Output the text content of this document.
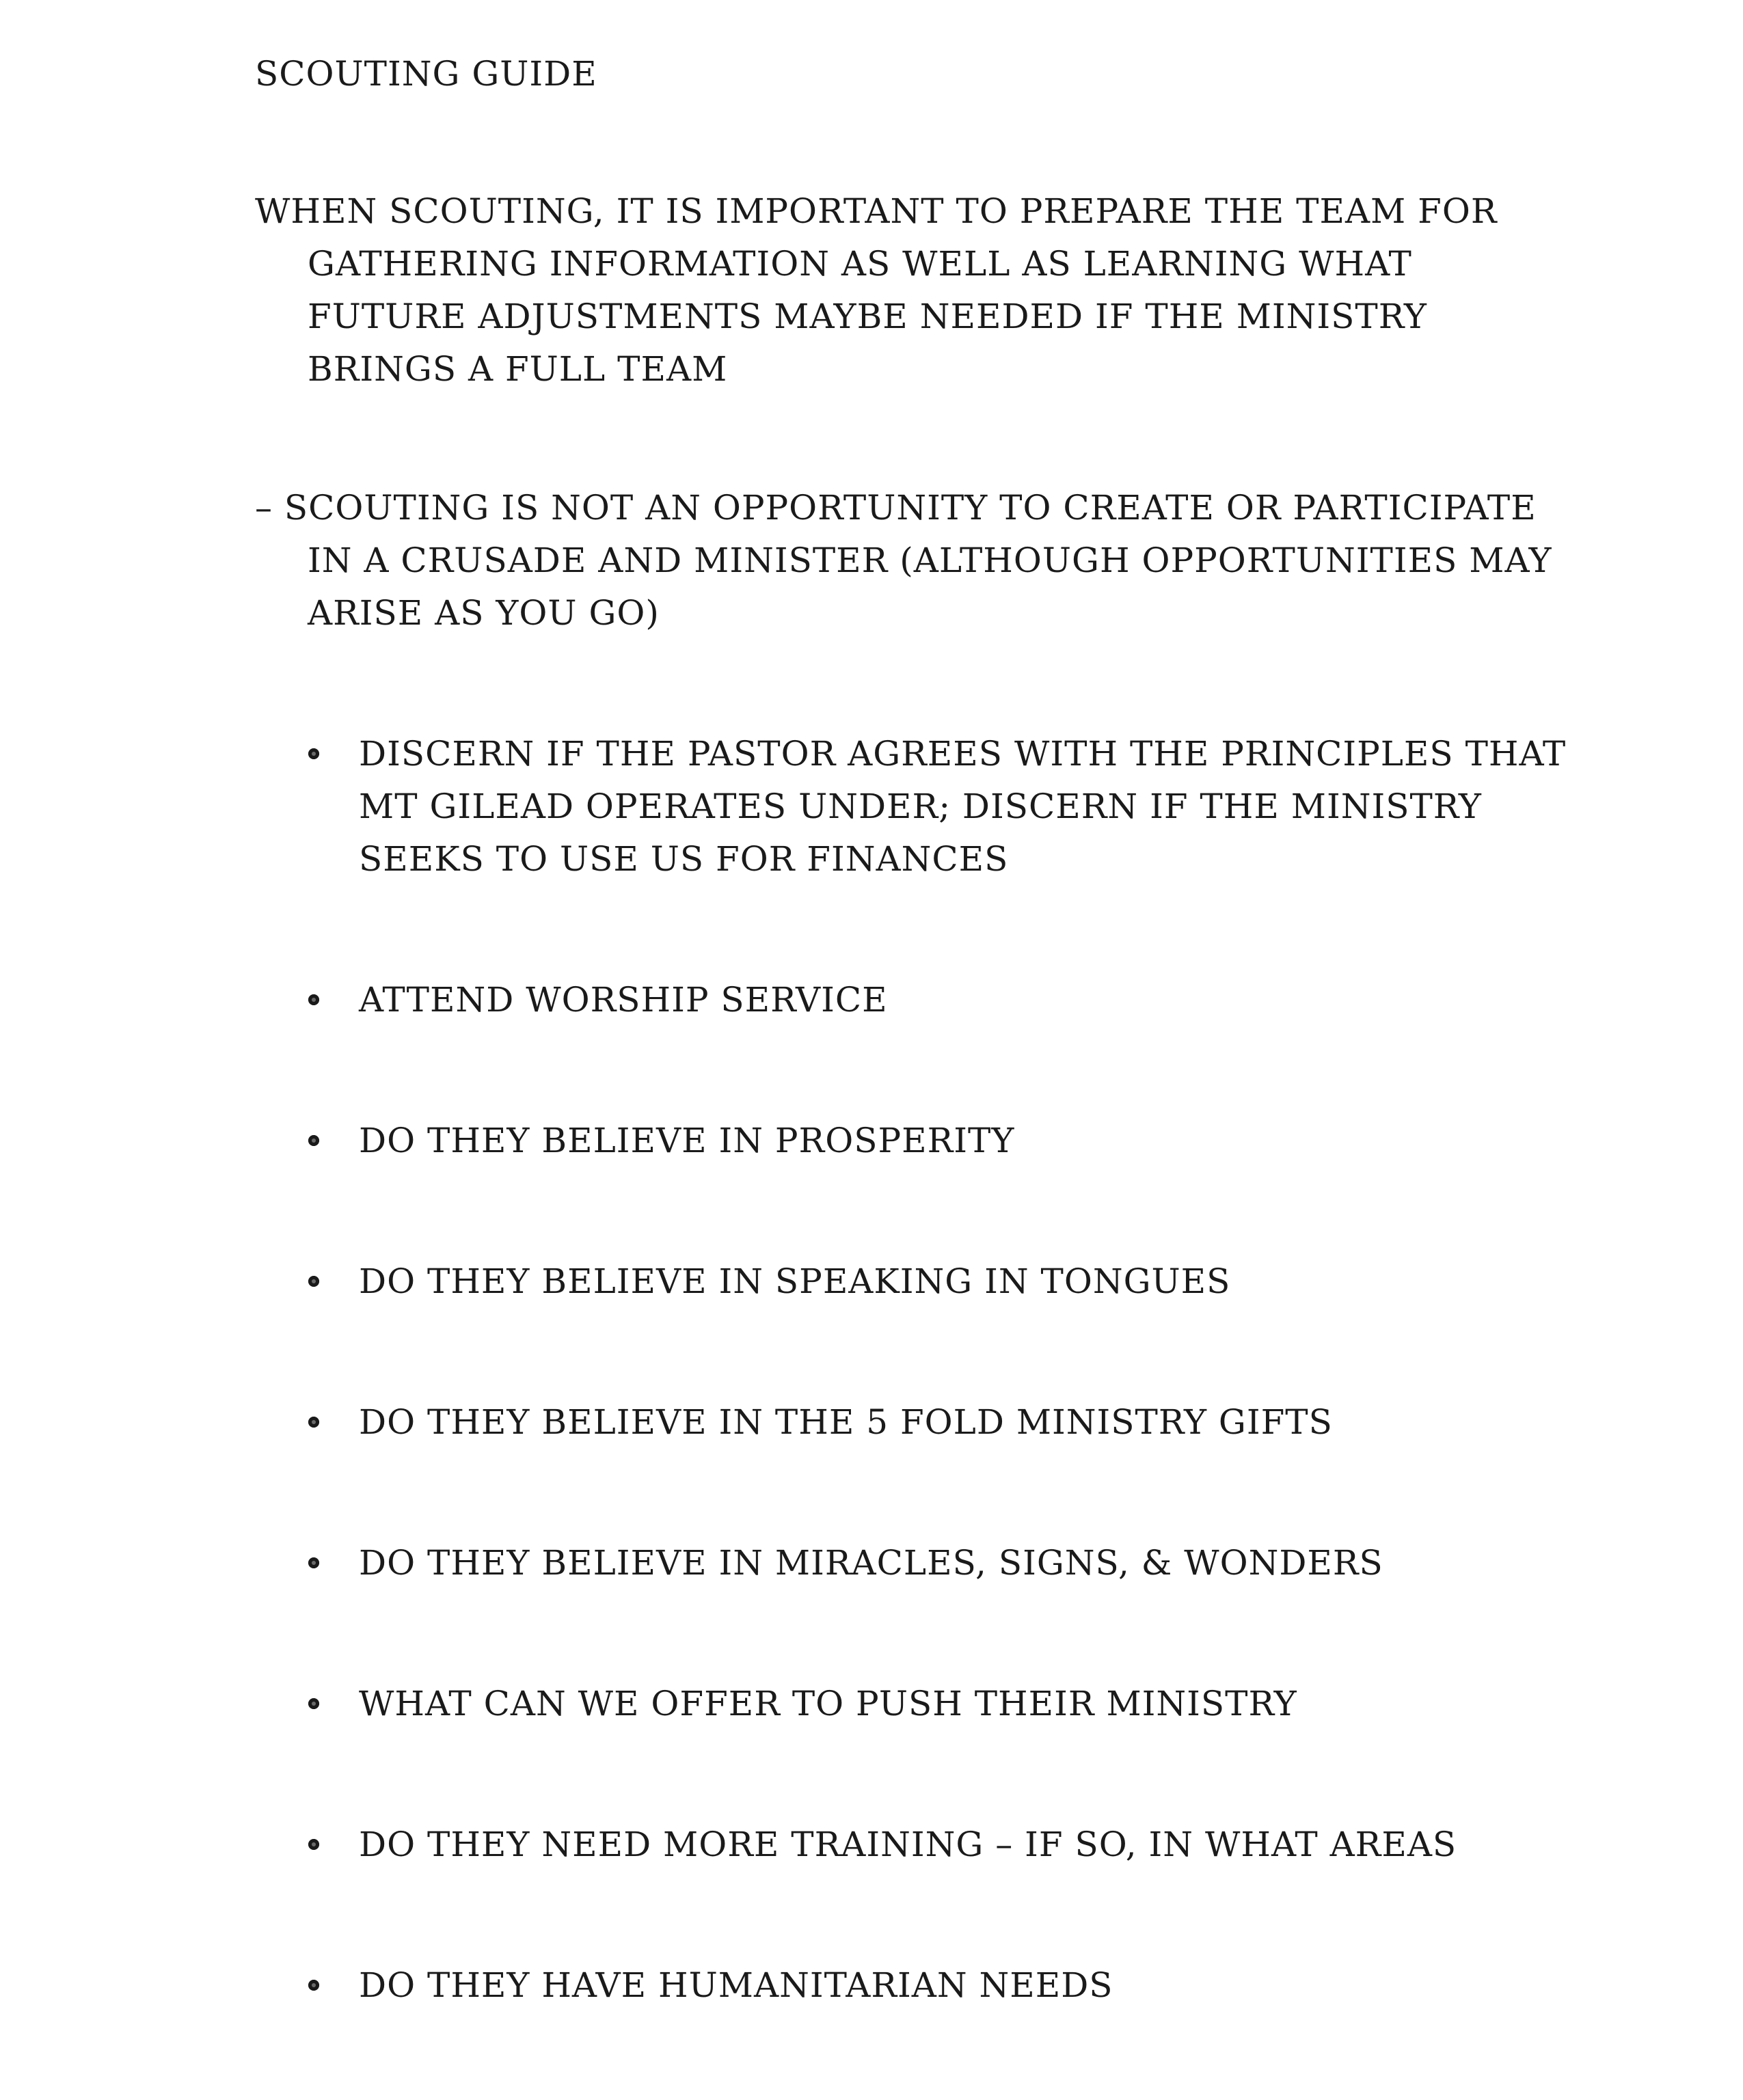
SCOUTING GUIDE
WHEN SCOUTING, IT IS IMPORTANT TO PREPARE THE TEAM FOR
GATHERING INFORMATION AS WELL AS LEARNING WHAT
FUTURE ADJUSTMENTS MAYBE NEEDED IF THE MINISTRY
BRINGS A FULL TEAM
– SCOUTING IS NOT AN OPPORTUNITY TO CREATE OR PARTICIPATE
IN A CRUSADE AND MINISTER (ALTHOUGH OPPORTUNITIES MAY
ARISE AS YOU GO)
DISCERN IF THE PASTOR AGREES WITH THE PRINCIPLES THAT
MT GILEAD OPERATES UNDER; DISCERN IF THE MINISTRY
SEEKS TO USE US FOR FINANCES
ATTEND WORSHIP SERVICE
DO THEY BELIEVE IN PROSPERITY
DO THEY BELIEVE IN SPEAKING IN TONGUES
DO THEY BELIEVE IN THE 5 FOLD MINISTRY GIFTS
DO THEY BELIEVE IN MIRACLES, SIGNS, & WONDERS
WHAT CAN WE OFFER TO PUSH THEIR MINISTRY
DO THEY NEED MORE TRAINING – IF SO, IN WHAT AREAS
DO THEY HAVE HUMANITARIAN NEEDS
